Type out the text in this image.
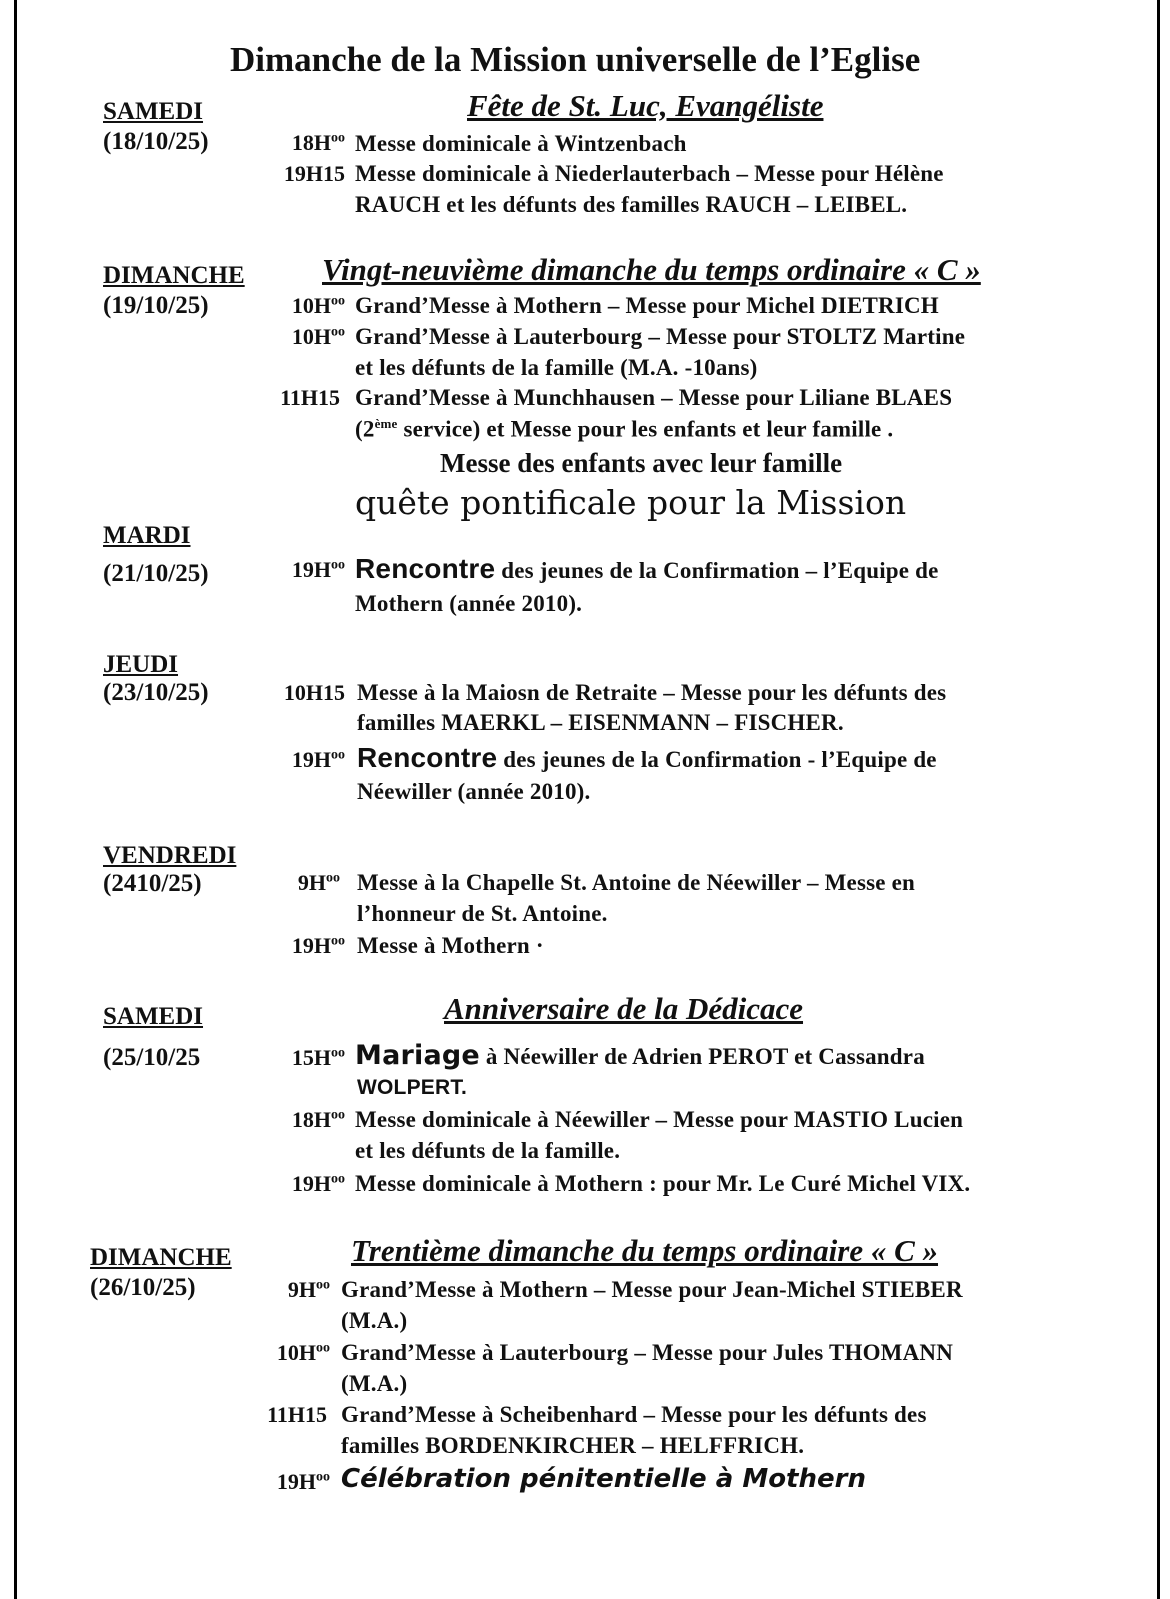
Dimanche de la Mission universelle de l’Eglise
SAMEDI
(18/10/25)
Fête de St. Luc, Evangéliste
$18H^{oo}$ Messe dominicale à Wintzenbach
19H15 Messe dominicale à Niederlauterbach – Messe pour Hélène
RAUCH et les défunts des familles RAUCH – LEIBEL.
DIMANCHE
(19/10/25)
Vingt-neuvième dimanche du temps ordinaire « C »
$10H^{oo}$ Grand’Messe à Mothern – Messe pour Michel DIETRICH
$10H^{oo}$ Grand’Messe à Lauterbourg – Messe pour STOLTZ Martine
et les défunts de la famille (M.A. -10ans)
11H15 Grand’Messe à Munchhausen – Messe pour Liliane BLAES
(2ème service) et Messe pour les enfants et leur famille .
Messe des enfants avec leur famille
quête pontificale pour la Mission
MARDI
(21/10/25)	$19H^{oo}$ Rencontre des jeunes de la Confirmation – l’Equipe de
Mothern (année 2010).
JEUDI
(23/10/25)	10H15 Messe à la Maiosn de Retraite – Messe pour les défunts des
familles MAERKL – EISENMANN – FISCHER.
$19H^{oo}$ Rencontre des jeunes de la Confirmation - l’Equipe de
Néewiller (année 2010).
VENDREDI
(2410/25)	$9H^{oo}$ Messe à la Chapelle St. Antoine de Néewiller – Messe en
l’honneur de St. Antoine.
$19H^{oo}$ Messe à Mothern ·
SAMEDI
(25/10/25
Anniversaire de la Dédicace
$15H^{oo}$ Mariage à Néewiller de Adrien PEROT et Cassandra
WOLPERT.
$18H^{oo}$ Messe dominicale à Néewiller – Messe pour MASTIO Lucien
et les défunts de la famille.
$19H^{oo}$ Messe dominicale à Mothern : pour Mr. Le Curé Michel VIX.
DIMANCHE
(26/10/25)
Trentième dimanche du temps ordinaire « C »
$9H^{oo}$ Grand’Messe à Mothern – Messe pour Jean-Michel STIEBER
(M.A.)
$10H^{oo}$ Grand’Messe à Lauterbourg – Messe pour Jules THOMANN
(M.A.)
11H15 Grand’Messe à Scheibenhard – Messe pour les défunts des
familles BORDENKIRCHER – HELFFRICH.
$19H^{oo}$ Célébration pénitentielle à Mothern
